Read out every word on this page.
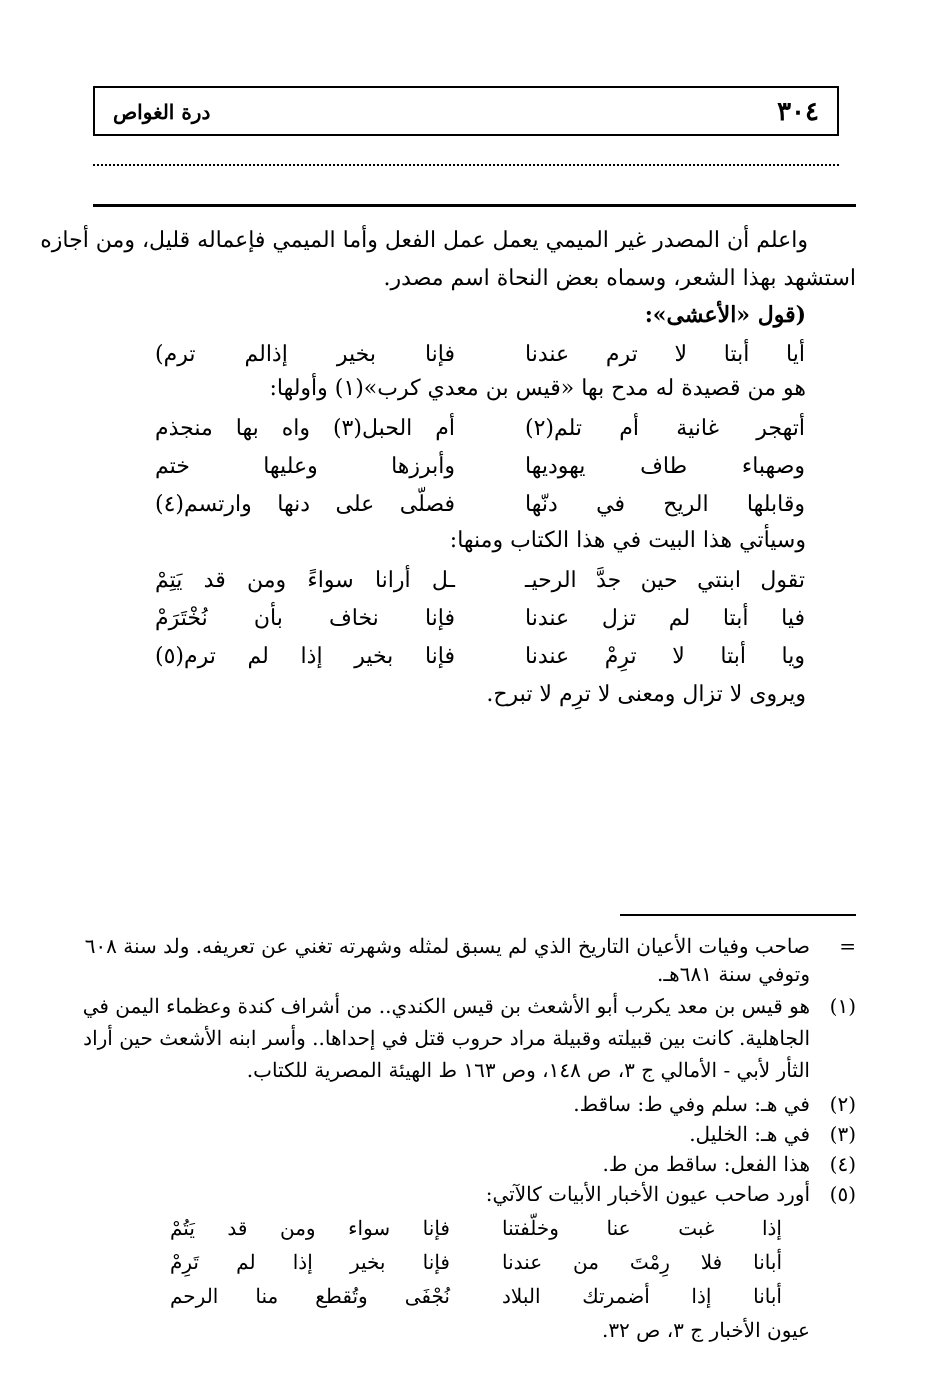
٣٠٤
درة الغواص
واعلم أن المصدر غير الميمي يعمل عمل الفعل وأما الميمي فإعماله قليل، ومن أجازه
استشهد بهذا الشعر، وسماه بعض النحاة اسم مصدر.
(قول «الأعشى»:
أيا أبتا لا ترم عندنا
فإنا بخير إذالم ترم)
هو من قصيدة له مدح بها «قيس بن معدي كرب»(١) وأولها:
أتهجر غانية أم تلم(٢)
أم الحبل(٣) واه بها منجذم
وصهباء طاف يهوديها
وأبرزها وعليها ختم
وقابلها الريح في دنّها
فصلّى على دنها وارتسم(٤)
وسيأتي هذا البيت في هذا الكتاب ومنها:
تقول ابنتي حين جدَّ الرحيـ
ـل أرانا سواءً ومن قد يَتِمْ
فيا أبتا لم تزل عندنا
فإنا نخاف بأن نُخْتَرَمْ
ويا أبتا لا ترِمْ عندنا
فإنا بخير إذا لم ترم(٥)
ويروى لا تزال ومعنى لا ترِم لا تبرح.
=
صاحب وفيات الأعيان التاريخ الذي لم يسبق لمثله وشهرته تغني عن تعريفه. ولد سنة ٦٠٨
وتوفي سنة ٦٨١هـ.
(١)
هو قيس بن معد يكرب أبو الأشعث بن قيس الكندي.. من أشراف كندة وعظماء اليمن في
الجاهلية. كانت بين قبيلته وقبيلة مراد حروب قتل في إحداها.. وأسر ابنه الأشعث حين أراد
الثأر لأبي - الأمالي ج ٣، ص ١٤٨، وص ١٦٣ ط الهيئة المصرية للكتاب.
(٢)
في هـ: سلم وفي ط: ساقط.
(٣)
في هـ: الخليل.
(٤)
هذا الفعل: ساقط من ط.
(٥)
أورد صاحب عيون الأخبار الأبيات كالآتي:
إذا غبت عنا وخلّفتنا
فإنا سواء ومن قد يَتُمْ
أبانا فلا رِمْتَ من عندنا
فإنا بخير إذا لم تَرِمْ
أبانا إذا أضمرتك البلاد
نُجْفَى وتُقطع منا الرحم
عيون الأخبار ج ٣، ص ٣٢.
